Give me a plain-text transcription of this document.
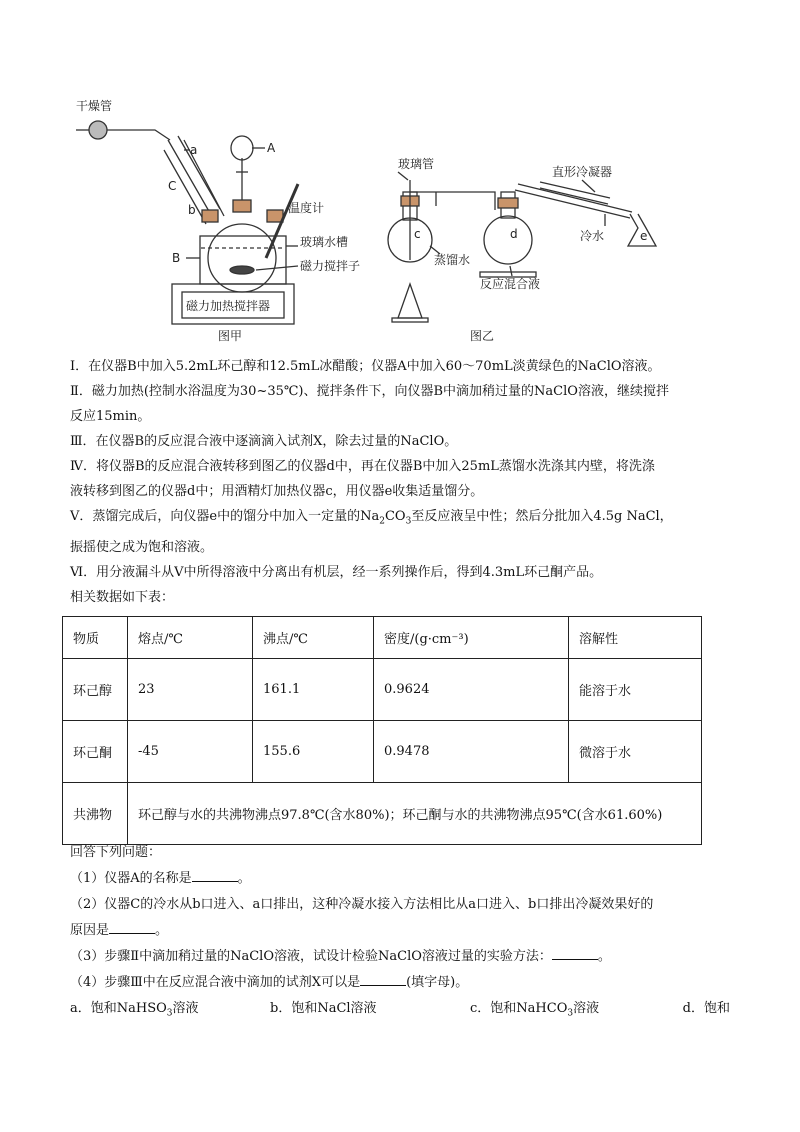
干燥管
A
a
C
b
B
温度计
玻璃水槽
磁力搅拌子
磁力加热搅拌器
图甲
玻璃管
直形冷凝器
c	d	e
冷水
蒸馏水
反应混合液
图乙

Ⅰ．在仪器B中加入5.2mL环己醇和12.5mL冰醋酸；仪器A中加入60～70mL淡黄绿色的NaClO溶液。

Ⅱ．磁力加热(控制水浴温度为30~35℃)、搅拌条件下，向仪器B中滴加稍过量的NaClO溶液，继续搅拌

反应15min。

Ⅲ．在仪器B的反应混合液中逐滴滴入试剂X，除去过量的NaClO。

Ⅳ．将仪器B的反应混合液转移到图乙的仪器d中，再在仪器B中加入25mL蒸馏水洗涤其内壁，将洗涤

液转移到图乙的仪器d中；用酒精灯加热仪器c，用仪器e收集适量馏分。

Ⅴ．蒸馏完成后，向仪器e中的馏分中加入一定量的$Na_2CO_3$至反应液呈中性；然后分批加入4.5g NaCl，

振摇使之成为饱和溶液。

Ⅵ．用分液漏斗从Ⅴ中所得溶液中分离出有机层，经一系列操作后，得到4.3mL环己酮产品。

相关数据如下表：

物质	熔点/℃	沸点/℃	密度/(g·cm⁻³)	溶解性
环己醇	23	161.1	0.9624	能溶于水
环己酮	-45	155.6	0.9478	微溶于水
共沸物	环己醇与水的共沸物沸点97.8℃(含水80%)；环己酮与水的共沸物沸点95℃(含水61.60%)			

回答下列问题：

（1）仪器A的名称是	。

（2）仪器C的冷水从b口进入、a口排出，这种冷凝水接入方法相比从a口进入、b口排出冷凝效果好的

原因是	。

（3）步骤Ⅱ中滴加稍过量的NaClO溶液，试设计检验NaClO溶液过量的实验方法：	。

（4）步骤Ⅲ中在反应混合液中滴加的试剂X可以是	(填字母)。

a．饱和NaHSO$_3$溶液	b．饱和NaCl溶液	c．饱和NaHCO$_3$溶液	d．饱和
